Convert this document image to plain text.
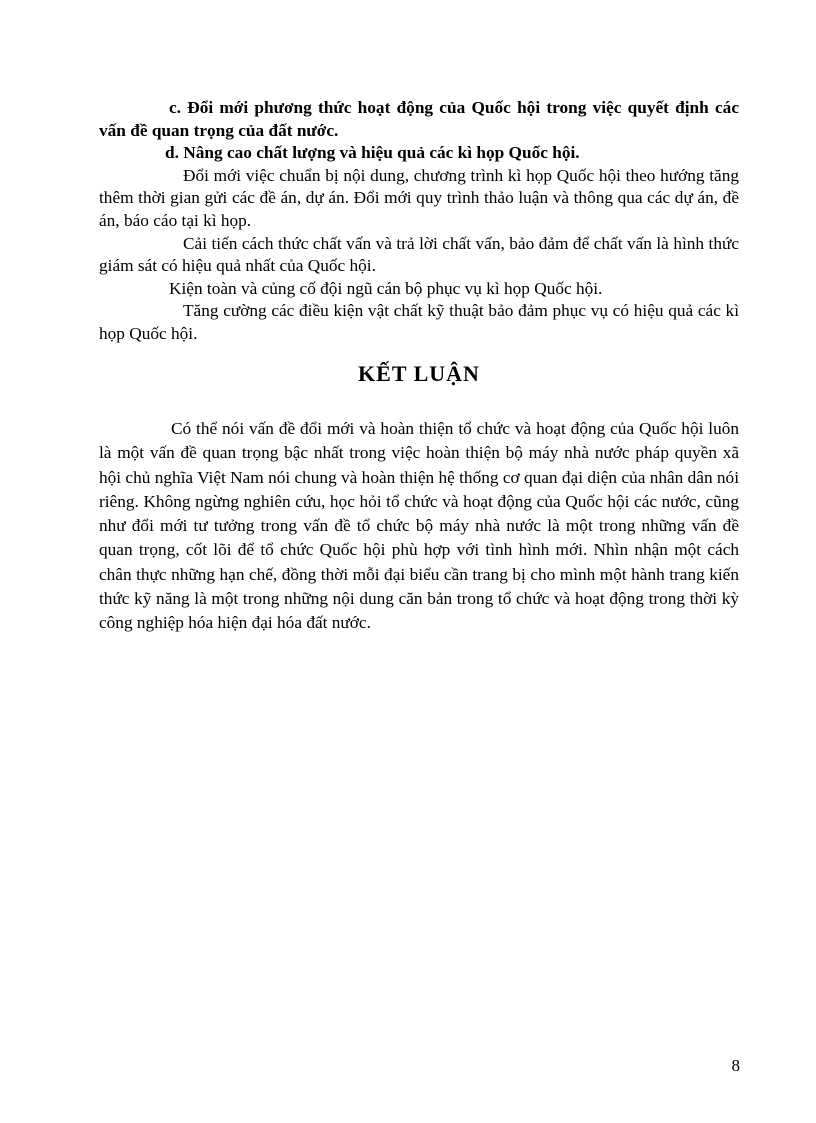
c. Đổi mới phương thức hoạt động của Quốc hội trong việc quyết định các vấn đề quan trọng của đất nước.

d. Nâng cao chất lượng và hiệu quả các kì họp Quốc hội.

Đổi mới việc chuẩn bị nội dung, chương trình kì họp Quốc hội theo hướng tăng thêm thời gian gửi các đề án, dự án. Đổi mới quy trình thảo luận và thông qua các dự án, đề án, báo cáo tại kì họp.

Cải tiến cách thức chất vấn và trả lời chất vấn, bảo đảm để chất vấn là hình thức giám sát có hiệu quả nhất của Quốc hội.

Kiện toàn và củng cố đội ngũ cán bộ phục vụ kì họp Quốc hội.

Tăng cường các điều kiện vật chất kỹ thuật bảo đảm phục vụ có hiệu quả các kì họp Quốc hội.

KẾT LUẬN

Có thể nói vấn đề đổi mới và hoàn thiện tổ chức và hoạt động của Quốc hội luôn là một vấn đề quan trọng bậc nhất trong việc hoàn thiện bộ máy nhà nước pháp quyền xã hội chủ nghĩa Việt Nam nói chung và hoàn thiện hệ thống cơ quan đại diện của nhân dân nói riêng. Không ngừng nghiên cứu, học hỏi tổ chức và hoạt động của Quốc hội các nước, cũng như đổi mới tư tưởng trong vấn đề tổ chức bộ máy nhà nước là một trong những vấn đề quan trọng, cốt lõi để tổ chức Quốc hội phù hợp với tình hình mới. Nhìn nhận một cách chân thực những hạn chế, đồng thời mỗi đại biểu cần trang bị cho mình một hành trang kiến thức kỹ năng là một trong những nội dung căn bản trong tổ chức và hoạt động trong thời kỳ công nghiệp hóa hiện đại hóa đất nước.

8
